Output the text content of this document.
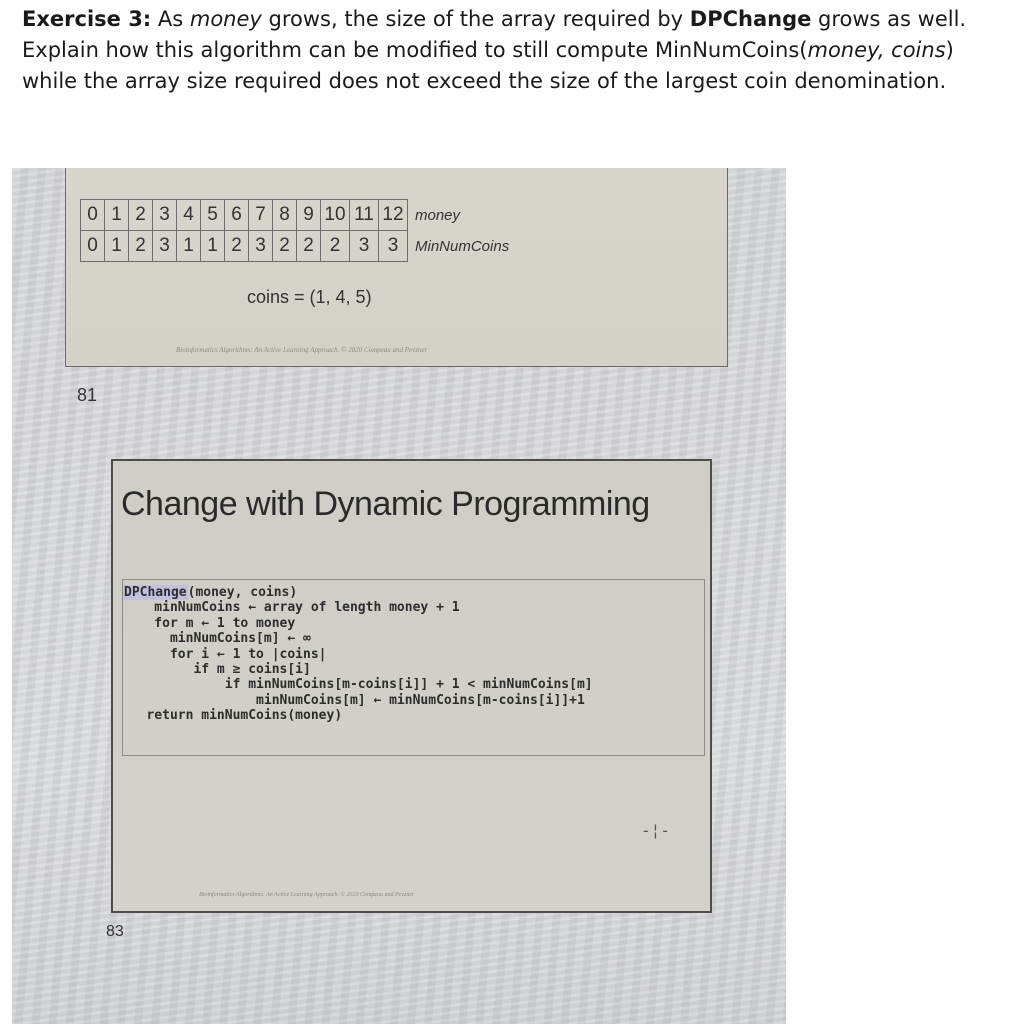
Exercise 3: As money grows, the size of the array required by DPChange grows as well. Explain how this algorithm can be modified to still compute MinNumCoins(money, coins) while the array size required does not exceed the size of the largest coin denomination.
0	1	2	3	4	5	6	7	8	9	10	11	12	money
0	1	2	3	1	1	2	3	2	2	2	3	3	MinNumCoins
coins = (1, 4, 5)
Bioinformatics Algorithms: An Active Learning Approach. © 2020 Compeau and Pevzner
81
Change with Dynamic Programming
DPChange(money, coins)
minNumCoins ← array of length money + 1
for m ← 1 to money
minNumCoins[m] ← ∞
for i ← 1 to |coins|
if m ≥ coins[i]
if minNumCoins[m-coins[i]] + 1 < minNumCoins[m]
minNumCoins[m] ← minNumCoins[m-coins[i]]+1
return minNumCoins(money)
-¦-
Bioinformatics Algorithms: An Active Learning Approach. © 2020 Compeau and Pevzner
83
